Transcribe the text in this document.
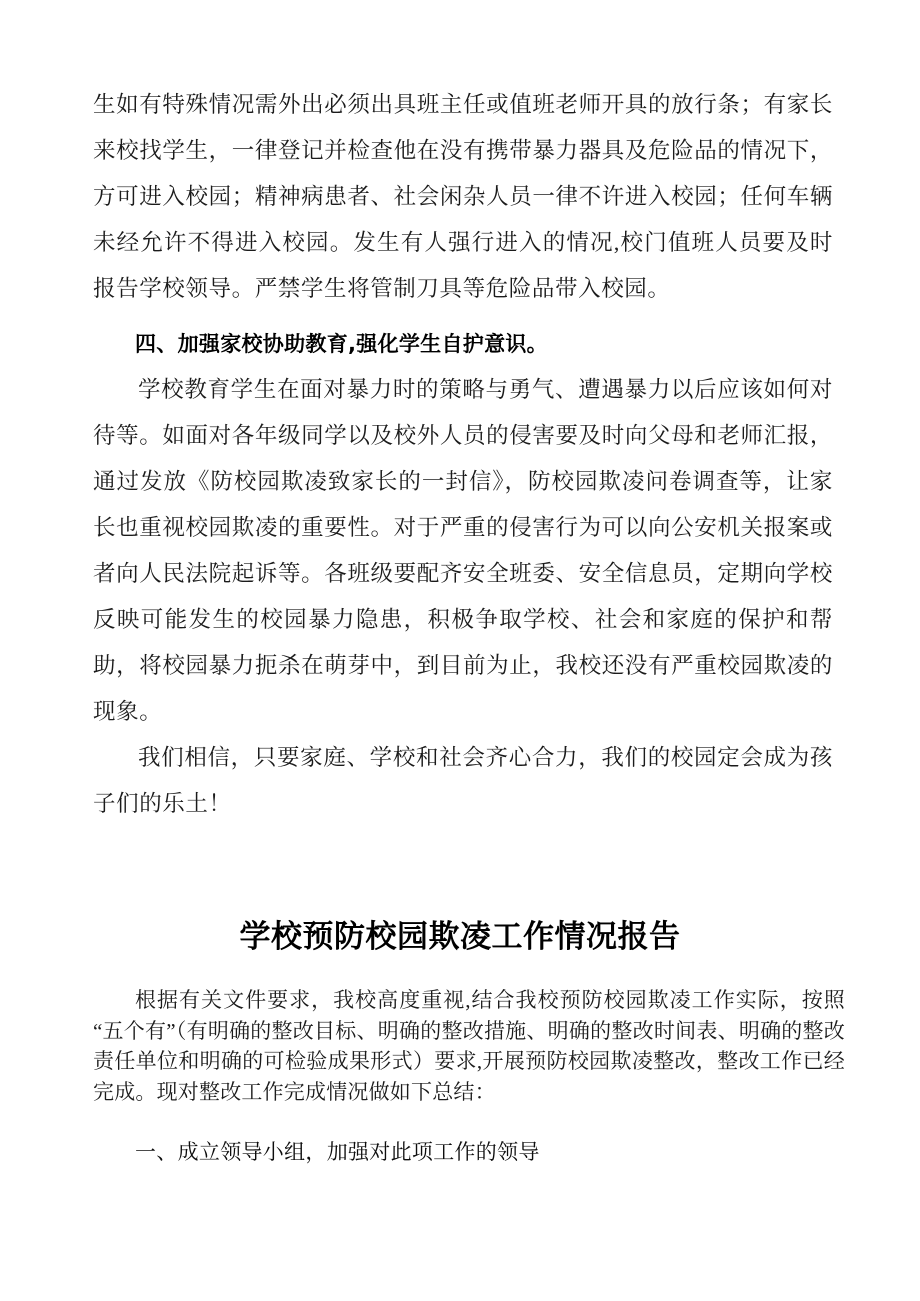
生如有特殊情况需外出必须出具班主任或值班老师开具的放行条；有家长来校找学生，一律登记并检查他在没有携带暴力器具及危险品的情况下，方可进入校园；精神病患者、社会闲杂人员一律不许进入校园；任何车辆未经允许不得进入校园。发生有人强行进入的情况,校门值班人员要及时报告学校领导。严禁学生将管制刀具等危险品带入校园。

四、加强家校协助教育,强化学生自护意识。

学校教育学生在面对暴力时的策略与勇气、遭遇暴力以后应该如何对待等。如面对各年级同学以及校外人员的侵害要及时向父母和老师汇报，通过发放《防校园欺凌致家长的一封信》，防校园欺凌问卷调查等，让家长也重视校园欺凌的重要性。对于严重的侵害行为可以向公安机关报案或者向人民法院起诉等。各班级要配齐安全班委、安全信息员，定期向学校反映可能发生的校园暴力隐患，积极争取学校、社会和家庭的保护和帮助，将校园暴力扼杀在萌芽中，到目前为止，我校还没有严重校园欺凌的现象。

我们相信，只要家庭、学校和社会齐心合力，我们的校园定会成为孩子们的乐土！

学校预防校园欺凌工作情况报告

根据有关文件要求，我校高度重视,结合我校预防校园欺凌工作实际，按照“五个有”（有明确的整改目标、明确的整改措施、明确的整改时间表、明确的整改责任单位和明确的可检验成果形式）要求,开展预防校园欺凌整改，整改工作已经完成。现对整改工作完成情况做如下总结：

一、成立领导小组，加强对此项工作的领导
